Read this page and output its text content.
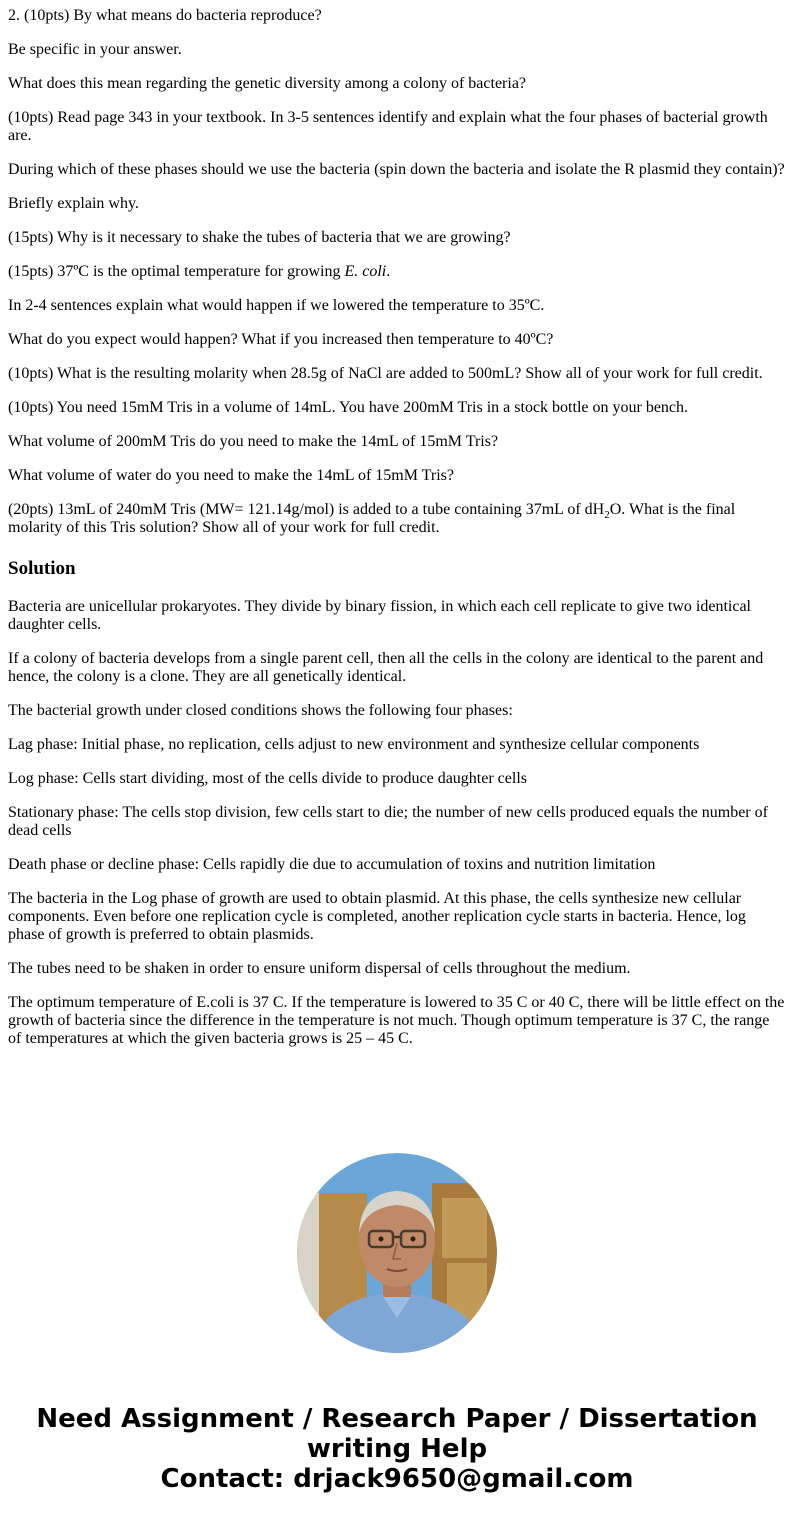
2. (10pts) By what means do bacteria reproduce?

Be specific in your answer.

What does this mean regarding the genetic diversity among a colony of bacteria?

(10pts) Read page 343 in your textbook. In 3-5 sentences identify and explain what the four phases of bacterial growth are.

During which of these phases should we use the bacteria (spin down the bacteria and isolate the R plasmid they contain)?

Briefly explain why.

(15pts) Why is it necessary to shake the tubes of bacteria that we are growing?

(15pts) 37ºC is the optimal temperature for growing E. coli.

In 2-4 sentences explain what would happen if we lowered the temperature to 35ºC.

What do you expect would happen? What if you increased then temperature to 40ºC?

(10pts) What is the resulting molarity when 28.5g of NaCl are added to 500mL? Show all of your work for full credit.

(10pts) You need 15mM Tris in a volume of 14mL. You have 200mM Tris in a stock bottle on your bench.

What volume of 200mM Tris do you need to make the 14mL of 15mM Tris?

What volume of water do you need to make the 14mL of 15mM Tris?

(20pts) 13mL of 240mM Tris (MW= 121.14g/mol) is added to a tube containing 37mL of $dH_2O$. What is the final molarity of this Tris solution? Show all of your work for full credit.

Solution

Bacteria are unicellular prokaryotes. They divide by binary fission, in which each cell replicate to give two identical daughter cells.

If a colony of bacteria develops from a single parent cell, then all the cells in the colony are identical to the parent and hence, the colony is a clone. They are all genetically identical.

The bacterial growth under closed conditions shows the following four phases:

Lag phase: Initial phase, no replication, cells adjust to new environment and synthesize cellular components

Log phase: Cells start dividing, most of the cells divide to produce daughter cells

Stationary phase: The cells stop division, few cells start to die; the number of new cells produced equals the number of dead cells

Death phase or decline phase: Cells rapidly die due to accumulation of toxins and nutrition limitation

The bacteria in the Log phase of growth are used to obtain plasmid. At this phase, the cells synthesize new cellular components. Even before one replication cycle is completed, another replication cycle starts in bacteria. Hence, log phase of growth is preferred to obtain plasmids.

The tubes need to be shaken in order to ensure uniform dispersal of cells throughout the medium.

The optimum temperature of E.coli is 37 C. If the temperature is lowered to 35 C or 40 C, there will be little effect on the growth of bacteria since the difference in the temperature is not much. Though optimum temperature is 37 C, the range of temperatures at which the given bacteria grows is 25 – 45 C.

Need Assignment / Research Paper / Dissertation
writing Help
Contact: drjack9650@gmail.com
